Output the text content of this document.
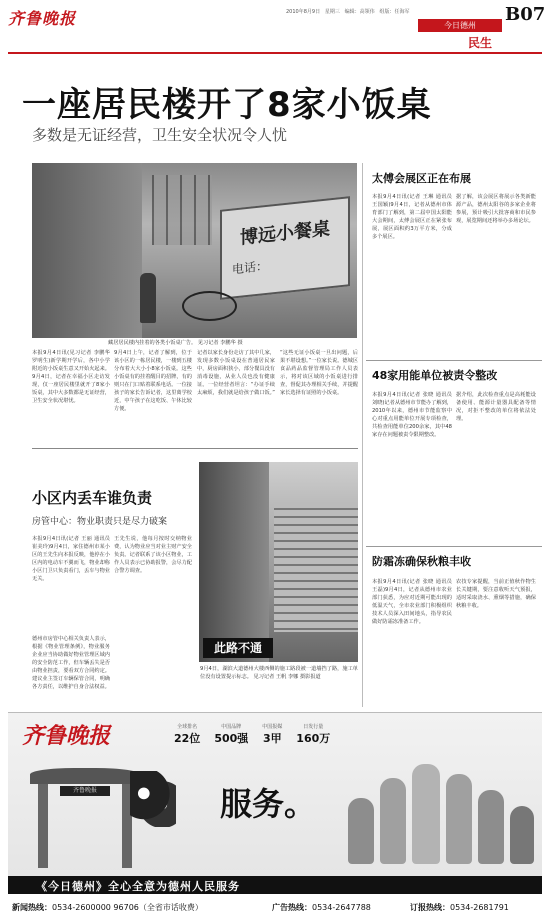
齐鲁晚报	2010年8月9日 星期三 编辑：高领伟 组版：任海军	B07
今日德州
民生
一座居民楼开了8家小饭桌
多数是无证经营，卫生安全状况令人忧
博远小餐桌
电话：
藏居居民楼内挂着的各类小饭桌广告。 见习记者 李鹏华 摄
本报9月4日讯(见习记者 李鹏华 罗明生)新学期开学后，各中小学附近的小饭桌生意又开始火起来。9月4日，记者在幸福小区走访发现，仅一座居民楼里就开了8家小饭桌，其中大多数都是无证经营，卫生安全状况堪忧。
9月4日上午，记者了解到，位于该小区的一栋居民楼，一楼到五楼分布着大大小小8家小饭桌。这些小饭桌有的挂着醒目的招牌，有的则只在门口贴着联系电话。一位接孩子的家长告诉记者，这里离学校近，中午孩子在这吃饭、午休比较方便。
记者以家长身份走访了其中几家，发现多数小饭桌设在普通居民家中，厨房面积狭小，部分餐具没有消毒设施，从业人员也没有健康证。一位经营者坦言：“办证手续太麻烦，我们就是给孩子做口饭。”
“这些无证小饭桌一旦出问题，后果不堪设想。”一位家长说。德城区食品药品监督管理局工作人员表示，将对该区域的小饭桌进行排查，督促其办理相关手续，并提醒家长选择有证照的小饭桌。
小区内丢车谁负责
房管中心：物业职责只是尽力破案
本报9月4日讯(记者 王丽 通讯员 崔美玲)9月4日，家住德州市某小区的王先生向本报反映，他停在小区内的电动车不翼而飞，物业却称小区门卫只负责看门，丢车与物业无关。
王先生说，他每月按时交纳物业费，认为物业应当对业主财产安全负责。记者联系了该小区物业，工作人员表示已协助报警，会尽力配合警方调查。
德州市房管中心相关负责人表示，根据《物业管理条例》，物业服务企业应当协助做好物业管理区域内的安全防范工作，但车辆丢失是否由物业担责，要看双方合同约定。建议业主签订车辆保管合同，明确各方责任，以维护自身合法权益。
此路不通
9月4日，湖滨大道德州大楼西侧的施工路段被一道墙挡了路，施工单位没有设置提示标志。 见习记者 王帆 李娜 摄影报道
太傅会展区正在布展
本报9月4日讯(记者 王琳 通讯员 王国颖)9月4日，记者从德州市体育部门了解到，第二届中国太阳能大会期间，太傅会展区正在紧张布展，展区面积约3万平方米，分成多个展区。
据了解，该会展区将展示各类新能源产品，德州太阳谷的多家企业将参展，预计吸引大批客商和市民参观，展览期间还将举办多场论坛。
48家用能单位被责令整改
本报9月4日讯(记者 张晓 通讯员 刘晓)记者从德州市节能办了解到，2010年以来，德州市节能监察中心对重点用能单位开展专项检查，共检查用能单位200余家，其中48家存在问题被责令限期整改。
据介绍，此次检查重点是高耗能设备使用、能源计量器具配备等情况，对拒不整改的单位将依法处理。
防霜冻确保秋粮丰收
本报9月4日讯(记者 张晓 通讯员 王磊)9月4日，记者从德州市农业部门获悉，为应对近期可能出现的低温天气，全市农业部门积极组织技术人员深入田间地头，指导农民做好防霜冻准备工作。
农技专家提醒，当前正值秋作物生长关键期，要注意收听天气预报，适时采取浇水、熏烟等措施，确保秋粮丰收。
齐鲁晚报	全球排名
22位
中国品牌
500强
中国报媒
3甲
日发行量
160万
齐鲁晚报	服务。
《今日德州》全心全意为德州人民服务
新闻热线：0534-2600000 96706（全省市话收费）	广告热线：0534-2647788	订报热线：0534-2681791
